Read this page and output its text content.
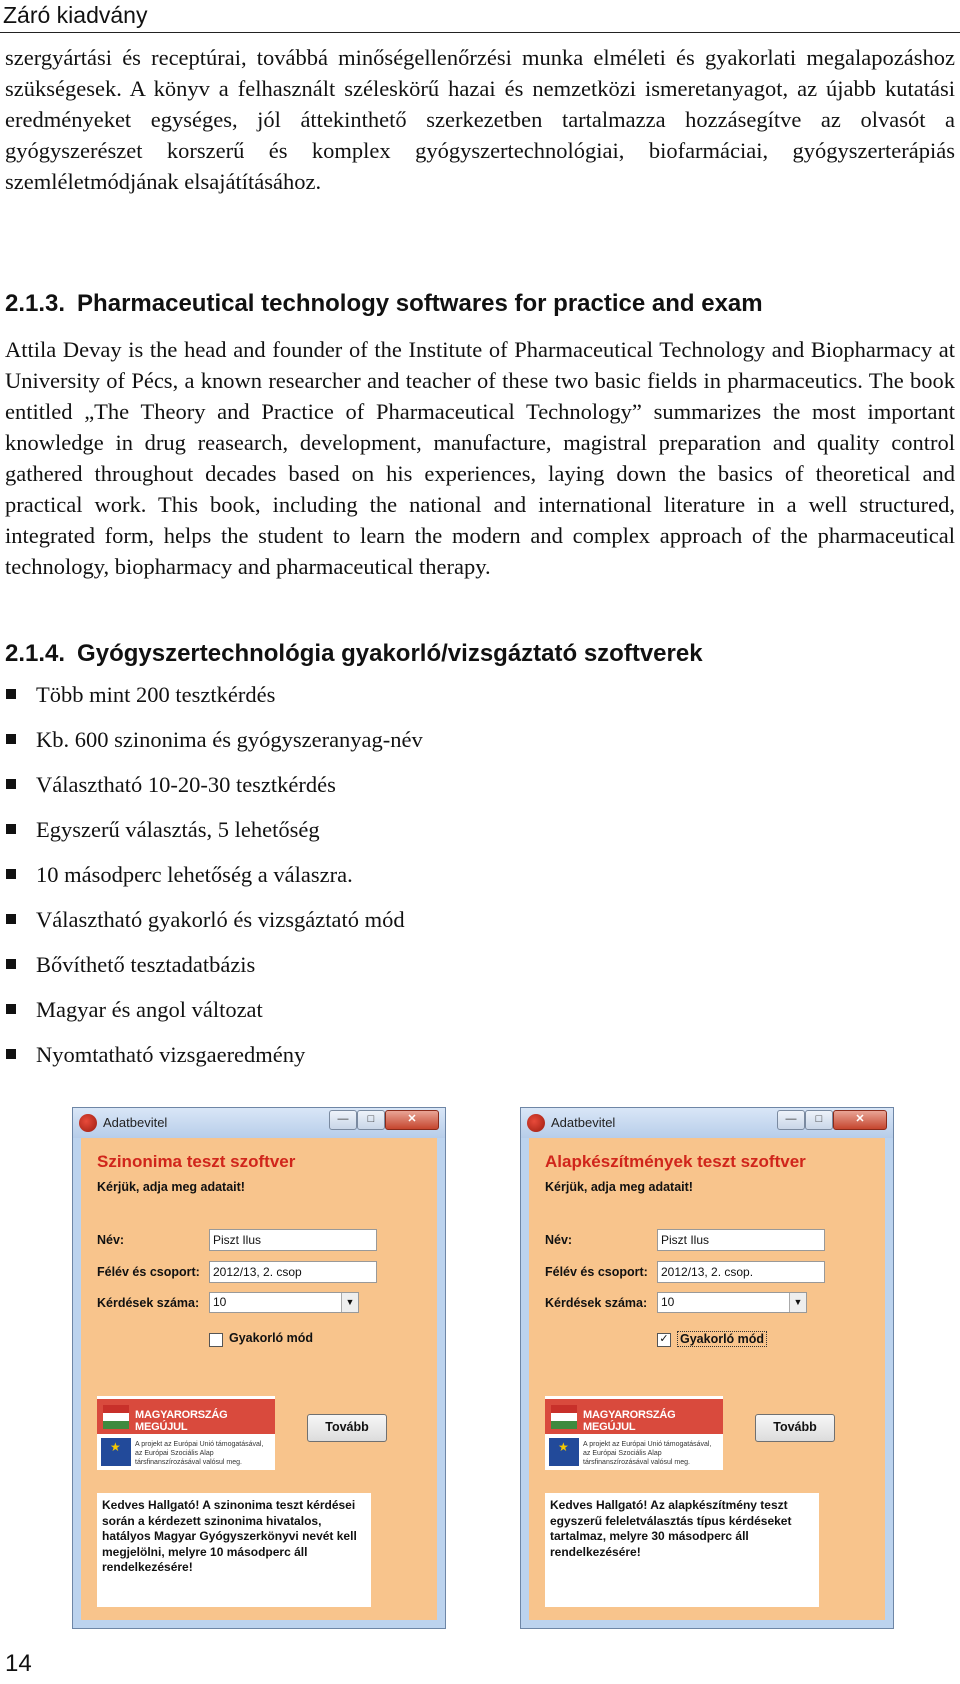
Záró kiadvány

szergyártási és receptúrai, továbbá minőségellenőrzési munka elméleti és gyakorlati megalapozáshoz szükségesek. A könyv a felhasznált széleskörű hazai és nemzetközi ismeretanyagot, az újabb kutatási eredményeket egységes, jól áttekinthető szerkezetben tartalmazza hozzásegítve az olvasót a gyógyszerészet korszerű és komplex gyógyszertechnológiai, biofarmáciai, gyógyszerterápiás szemléletmódjának elsajátításához.

2.1.3. Pharmaceutical technology softwares for practice and exam

Attila Devay is the head and founder of the Institute of Pharmaceutical Technology and Biopharmacy at University of Pécs, a known researcher and teacher of these two basic fields in pharmaceutics. The book entitled „The Theory and Practice of Pharmaceutical Technology” summarizes the most important knowledge in drug reasearch, development, manufacture, magistral preparation and quality control gathered throughout decades based on his experiences, laying down the basics of theoretical and practical work. This book, including the national and international literature in a well structured, integrated form, helps the student to learn the modern and complex approach of the pharmaceutical technology, biopharmacy and pharmaceutical therapy.

2.1.4. Gyógyszertechnológia gyakorló/vizsgáztató szoftverek
Több mint 200 tesztkérdés
Kb. 600 szinonima és gyógyszeranyag-név
Választható 10-20-30 tesztkérdés
Egyszerű választás, 5 lehetőség
10 másodperc lehetőség a válaszra.
Választható gyakorló és vizsgáztató mód
Bővíthető tesztadatbázis
Magyar és angol változat
Nyomtatható vizsgaeredmény
Adatbevitel	—	□	✕
Szinonima teszt szoftver
Kérjük, adja meg adatait!
Név:	Piszt Ilus
Félév és csoport:	2012/13, 2. csop
Kérdések száma:	10	▼
Gyakorló mód
MAGYARORSZÁG MEGÚJUL
★
A projekt az Európai Unió támogatásával, az Európai Szociális Alap társfinanszírozásával valósul meg.
Tovább
Kedves Hallgató! A szinonima teszt kérdései során a kérdezett szinonima hivatalos, hatályos Magyar Gyógyszerkönyvi nevét kell megjelölni, melyre 10 másodperc áll rendelkezésére!
Adatbevitel	—	□	✕
Alapkészítmények teszt szoftver
Kérjük, adja meg adatait!
Név:	Piszt Ilus
Félév és csoport:	2012/13, 2. csop.
Kérdések száma:	10	▼
✓ Gyakorló mód
MAGYARORSZÁG MEGÚJUL
★
A projekt az Európai Unió támogatásával, az Európai Szociális Alap társfinanszírozásával valósul meg.
Tovább
Kedves Hallgató! Az alapkészítmény teszt egyszerű feleletválasztás típus kérdéseket tartalmaz, melyre 30 másodperc áll rendelkezésére!
14
